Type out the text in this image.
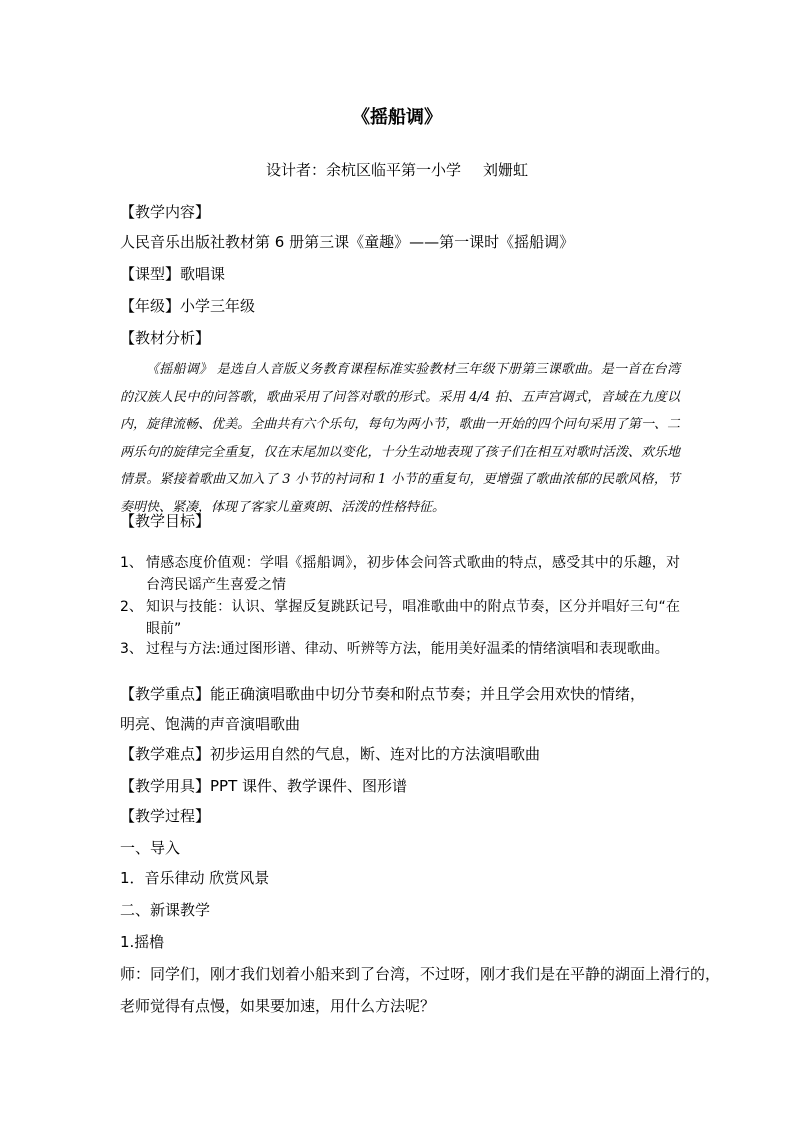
《摇船调》
设计者：余杭区临平第一小学 刘姗虹
【教学内容】
人民音乐出版社教材第 6 册第三课《童趣》——第一课时《摇船调》
【课型】歌唱课
【年级】小学三年级
【教材分析】

《摇船调》 是选自人音版义务教育课程标准实验教材三年级下册第三课歌曲。是一首在台湾的汉族人民中的问答歌，歌曲采用了问答对歌的形式。采用 4/4 拍、五声宫调式，音域在九度以内，旋律流畅、优美。全曲共有六个乐句，每句为两小节，歌曲一开始的四个问句采用了第一、二两乐句的旋律完全重复，仅在末尾加以变化，十分生动地表现了孩子们在相互对歌时活泼、欢乐地情景。紧接着歌曲又加入了 3 小节的衬词和 1 小节的重复句，更增强了歌曲浓郁的民歌风格，节奏明快、紧凑，体现了客家儿童爽朗、活泼的性格特征。

【教学目标】
1、 情感态度价值观：学唱《摇船调》，初步体会问答式歌曲的特点，感受其中的乐趣，对台湾民谣产生喜爱之情
2、 知识与技能：认识、掌握反复跳跃记号，唱准歌曲中的附点节奏，区分并唱好三句“在眼前”
3、 过程与方法:通过图形谱、律动、听辨等方法，能用美好温柔的情绪演唱和表现歌曲。
【教学重点】能正确演唱歌曲中切分节奏和附点节奏；并且学会用欢快的情绪，
明亮、饱满的声音演唱歌曲
【教学难点】初步运用自然的气息，断、连对比的方法演唱歌曲
【教学用具】PPT 课件、教学课件、图形谱
【教学过程】
一、导入
1．音乐律动 欣赏风景
二、新课教学
1.摇橹
师：同学们，刚才我们划着小船来到了台湾，不过呀，刚才我们是在平静的湖面上滑行的，
老师觉得有点慢，如果要加速，用什么方法呢？
